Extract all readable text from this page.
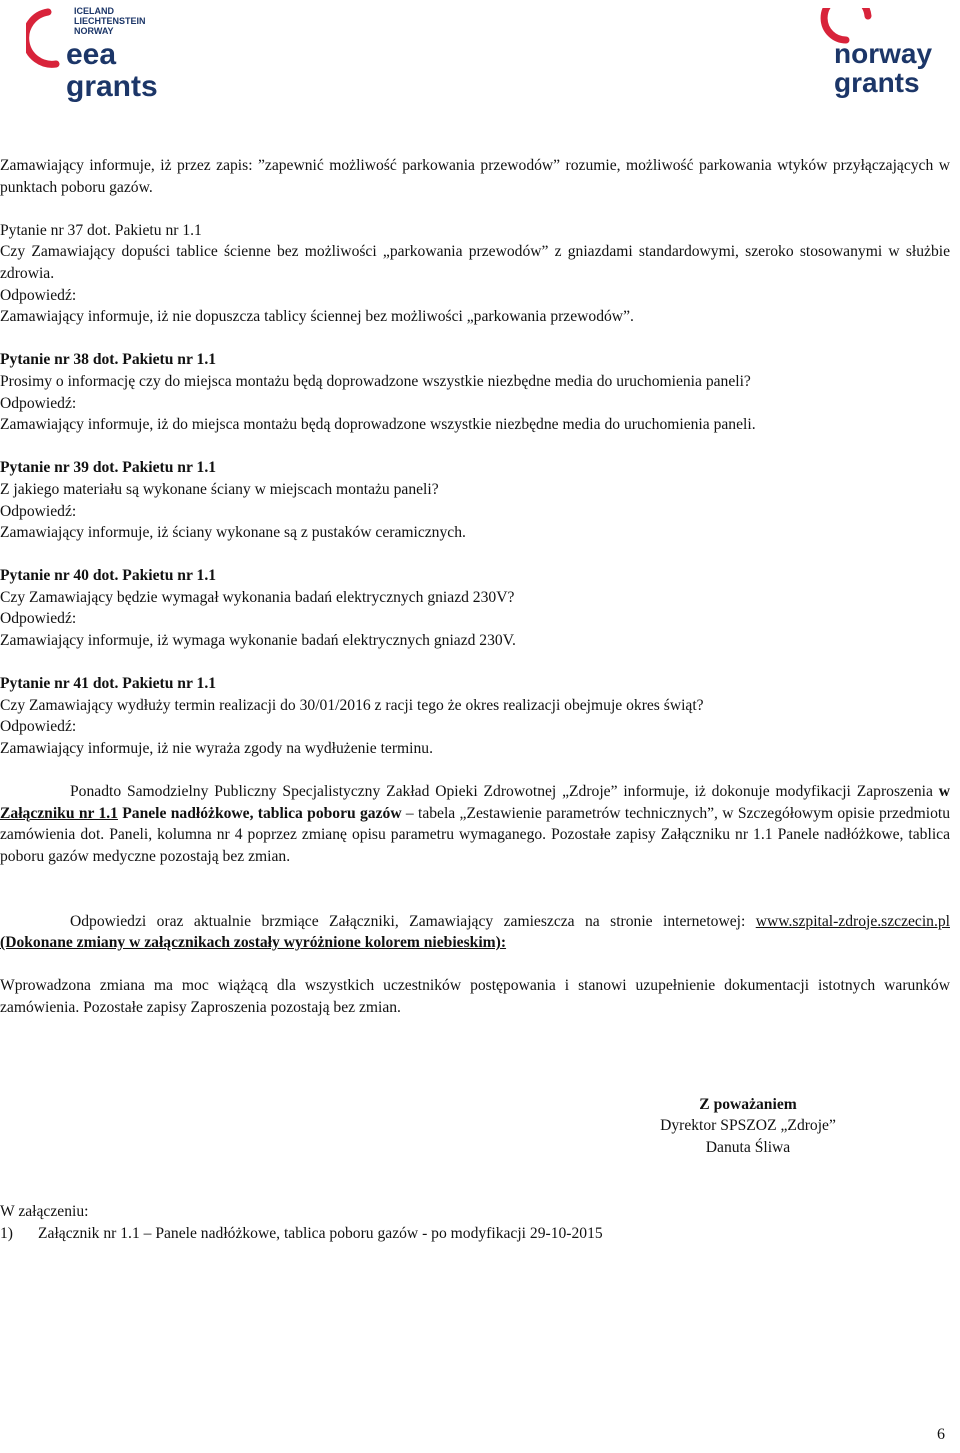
ICELAND
LIECHTENSTEIN
NORWAY
eea
grants
norway
grants

Zamawiający informuje, iż przez zapis: ”zapewnić możliwość parkowania przewodów” rozumie, możliwość parkowania wtyków przyłączających w punktach poboru gazów.

Pytanie nr 37 dot. Pakietu nr 1.1

Czy Zamawiający dopuści tablice ścienne bez możliwości „parkowania przewodów” z gniazdami standardowymi, szeroko stosowanymi w służbie zdrowia.

Odpowiedź:

Zamawiający informuje, iż nie dopuszcza tablicy ściennej bez możliwości „parkowania przewodów”.

Pytanie nr 38 dot. Pakietu nr 1.1

Prosimy o informację czy do miejsca montażu będą doprowadzone wszystkie niezbędne media do uruchomienia paneli?

Odpowiedź:

Zamawiający informuje, iż do miejsca montażu będą doprowadzone wszystkie niezbędne media do uruchomienia paneli.

Pytanie nr 39 dot. Pakietu nr 1.1

Z jakiego materiału są wykonane ściany w miejscach montażu paneli?

Odpowiedź:

Zamawiający informuje, iż ściany wykonane są z pustaków ceramicznych.

Pytanie nr 40 dot. Pakietu nr 1.1

Czy Zamawiający będzie wymagał wykonania badań elektrycznych gniazd 230V?

Odpowiedź:

Zamawiający informuje, iż wymaga wykonanie badań elektrycznych gniazd 230V.

Pytanie nr 41 dot. Pakietu nr 1.1

Czy Zamawiający wydłuży termin realizacji do 30/01/2016 z racji tego że okres realizacji obejmuje okres świąt?

Odpowiedź:

Zamawiający informuje, iż nie wyraża zgody na wydłużenie terminu.

Ponadto Samodzielny Publiczny Specjalistyczny Zakład Opieki Zdrowotnej „Zdroje” informuje, iż dokonuje modyfikacji Zaproszenia w Załączniku nr 1.1 Panele nadłóżkowe, tablica poboru gazów – tabela „Zestawienie parametrów technicznych”, w Szczegółowym opisie przedmiotu zamówienia dot. Paneli, kolumna nr 4 poprzez zmianę opisu parametru wymaganego. Pozostałe zapisy Załączniku nr 1.1 Panele nadłóżkowe, tablica poboru gazów medyczne pozostają bez zmian.

Odpowiedzi oraz aktualnie brzmiące Załączniki, Zamawiający zamieszcza na stronie internetowej: www.szpital-zdroje.szczecin.pl (Dokonane zmiany w załącznikach zostały wyróżnione kolorem niebieskim):

Wprowadzona zmiana ma moc wiążącą dla wszystkich uczestników postępowania i stanowi uzupełnienie dokumentacji istotnych warunków zamówienia. Pozostałe zapisy Zaproszenia pozostają bez zmian.

Z poważaniem

Dyrektor SPSZOZ „Zdroje”

Danuta Śliwa

W załączeniu:

1) Załącznik nr 1.1 – Panele nadłóżkowe, tablica poboru gazów - po modyfikacji 29-10-2015

6
